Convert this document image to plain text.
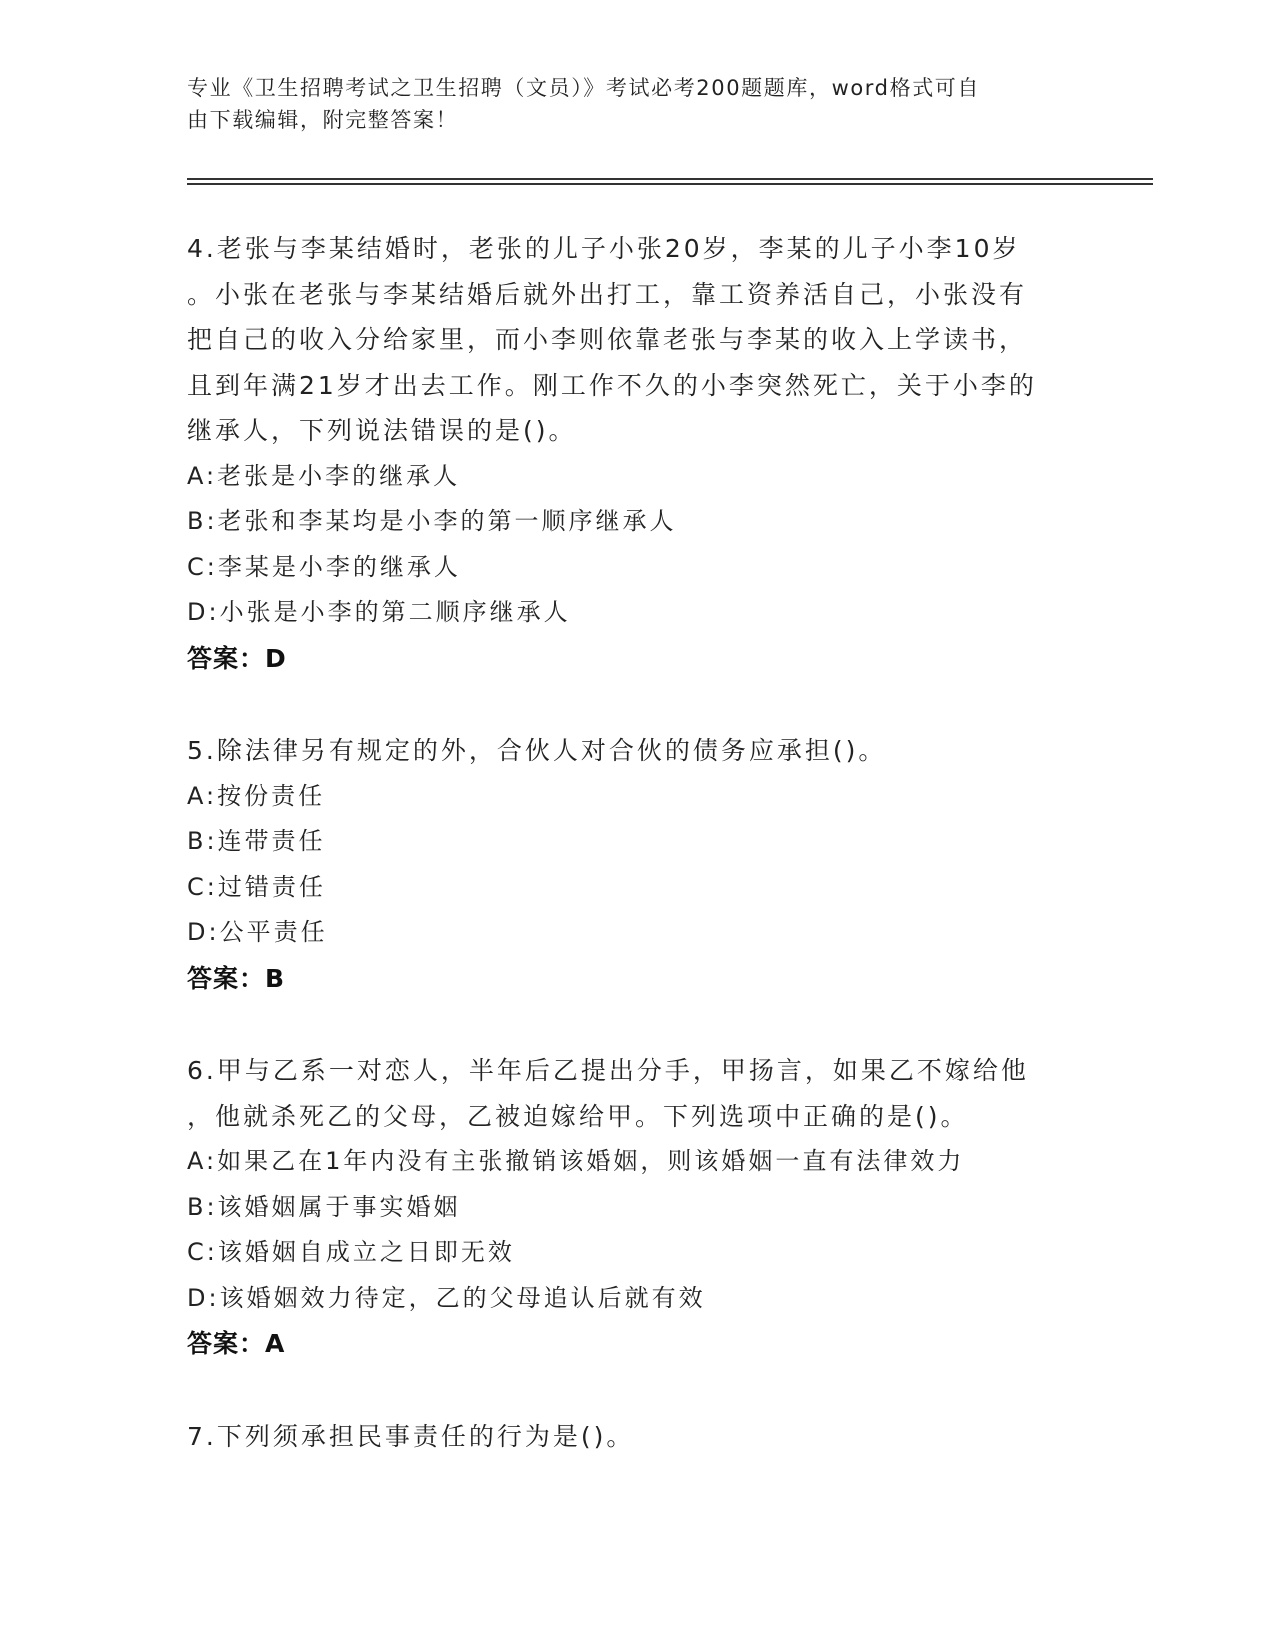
专业《卫生招聘考试之卫生招聘（文员）》考试必考200题题库，word格式可自
由下载编辑，附完整答案！
4.老张与李某结婚时，老张的儿子小张20岁，李某的儿子小李10岁
。小张在老张与李某结婚后就外出打工，靠工资养活自己，小张没有
把自己的收入分给家里，而小李则依靠老张与李某的收入上学读书，
且到年满21岁才出去工作。刚工作不久的小李突然死亡，关于小李的
继承人，下列说法错误的是()。
A:老张是小李的继承人
B:老张和李某均是小李的第一顺序继承人
C:李某是小李的继承人
D:小张是小李的第二顺序继承人
答案：D
5.除法律另有规定的外，合伙人对合伙的债务应承担()。
A:按份责任
B:连带责任
C:过错责任
D:公平责任
答案：B
6.甲与乙系一对恋人，半年后乙提出分手，甲扬言，如果乙不嫁给他
，他就杀死乙的父母，乙被迫嫁给甲。下列选项中正确的是()。
A:如果乙在1年内没有主张撤销该婚姻，则该婚姻一直有法律效力
B:该婚姻属于事实婚姻
C:该婚姻自成立之日即无效
D:该婚姻效力待定，乙的父母追认后就有效
答案：A
7.下列须承担民事责任的行为是()。
